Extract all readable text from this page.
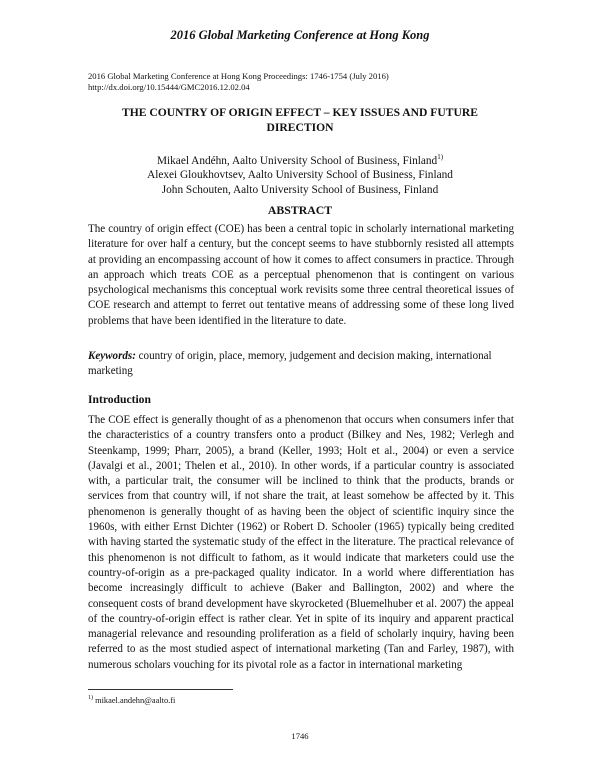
2016 Global Marketing Conference at Hong Kong
2016 Global Marketing Conference at Hong Kong Proceedings: 1746-1754 (July 2016)
http://dx.doi.org/10.15444/GMC2016.12.02.04
THE COUNTRY OF ORIGIN EFFECT – KEY ISSUES AND FUTURE
DIRECTION
Mikael Andéhn, Aalto University School of Business, Finland$^{1)}$
Alexei Gloukhovtsev, Aalto University School of Business, Finland
John Schouten, Aalto University School of Business, Finland
ABSTRACT

The country of origin effect (COE) has been a central topic in scholarly international marketing literature for over half a century, but the concept seems to have stubbornly resisted all attempts at providing an encompassing account of how it comes to affect consumers in practice. Through an approach which treats COE as a perceptual phenomenon that is contingent on various psychological mechanisms this conceptual work revisits some three central theoretical issues of COE research and attempt to ferret out tentative means of addressing some of these long lived problems that have been identified in the literature to date.

Keywords: country of origin, place, memory, judgement and decision making, international marketing

Introduction

The COE effect is generally thought of as a phenomenon that occurs when consumers infer that the characteristics of a country transfers onto a product (Bilkey and Nes, 1982; Verlegh and Steenkamp, 1999; Pharr, 2005), a brand (Keller, 1993; Holt et al., 2004) or even a service (Javalgi et al., 2001; Thelen et al., 2010). In other words, if a particular country is associated with, a particular trait, the consumer will be inclined to think that the products, brands or services from that country will, if not share the trait, at least somehow be affected by it. This phenomenon is generally thought of as having been the object of scientific inquiry since the 1960s, with either Ernst Dichter (1962) or Robert D. Schooler (1965) typically being credited with having started the systematic study of the effect in the literature. The practical relevance of this phenomenon is not difficult to fathom, as it would indicate that marketers could use the country-of-origin as a pre-packaged quality indicator. In a world where differentiation has become increasingly difficult to achieve (Baker and Ballington, 2002) and where the consequent costs of brand development have skyrocketed (Bluemelhuber et al. 2007) the appeal of the country-of-origin effect is rather clear. Yet in spite of its inquiry and apparent practical managerial relevance and resounding proliferation as a field of scholarly inquiry, having been referred to as the most studied aspect of international marketing (Tan and Farley, 1987), with numerous scholars vouching for its pivotal role as a factor in international marketing

$^{1)}$ mikael.andehn@aalto.fi
1746
